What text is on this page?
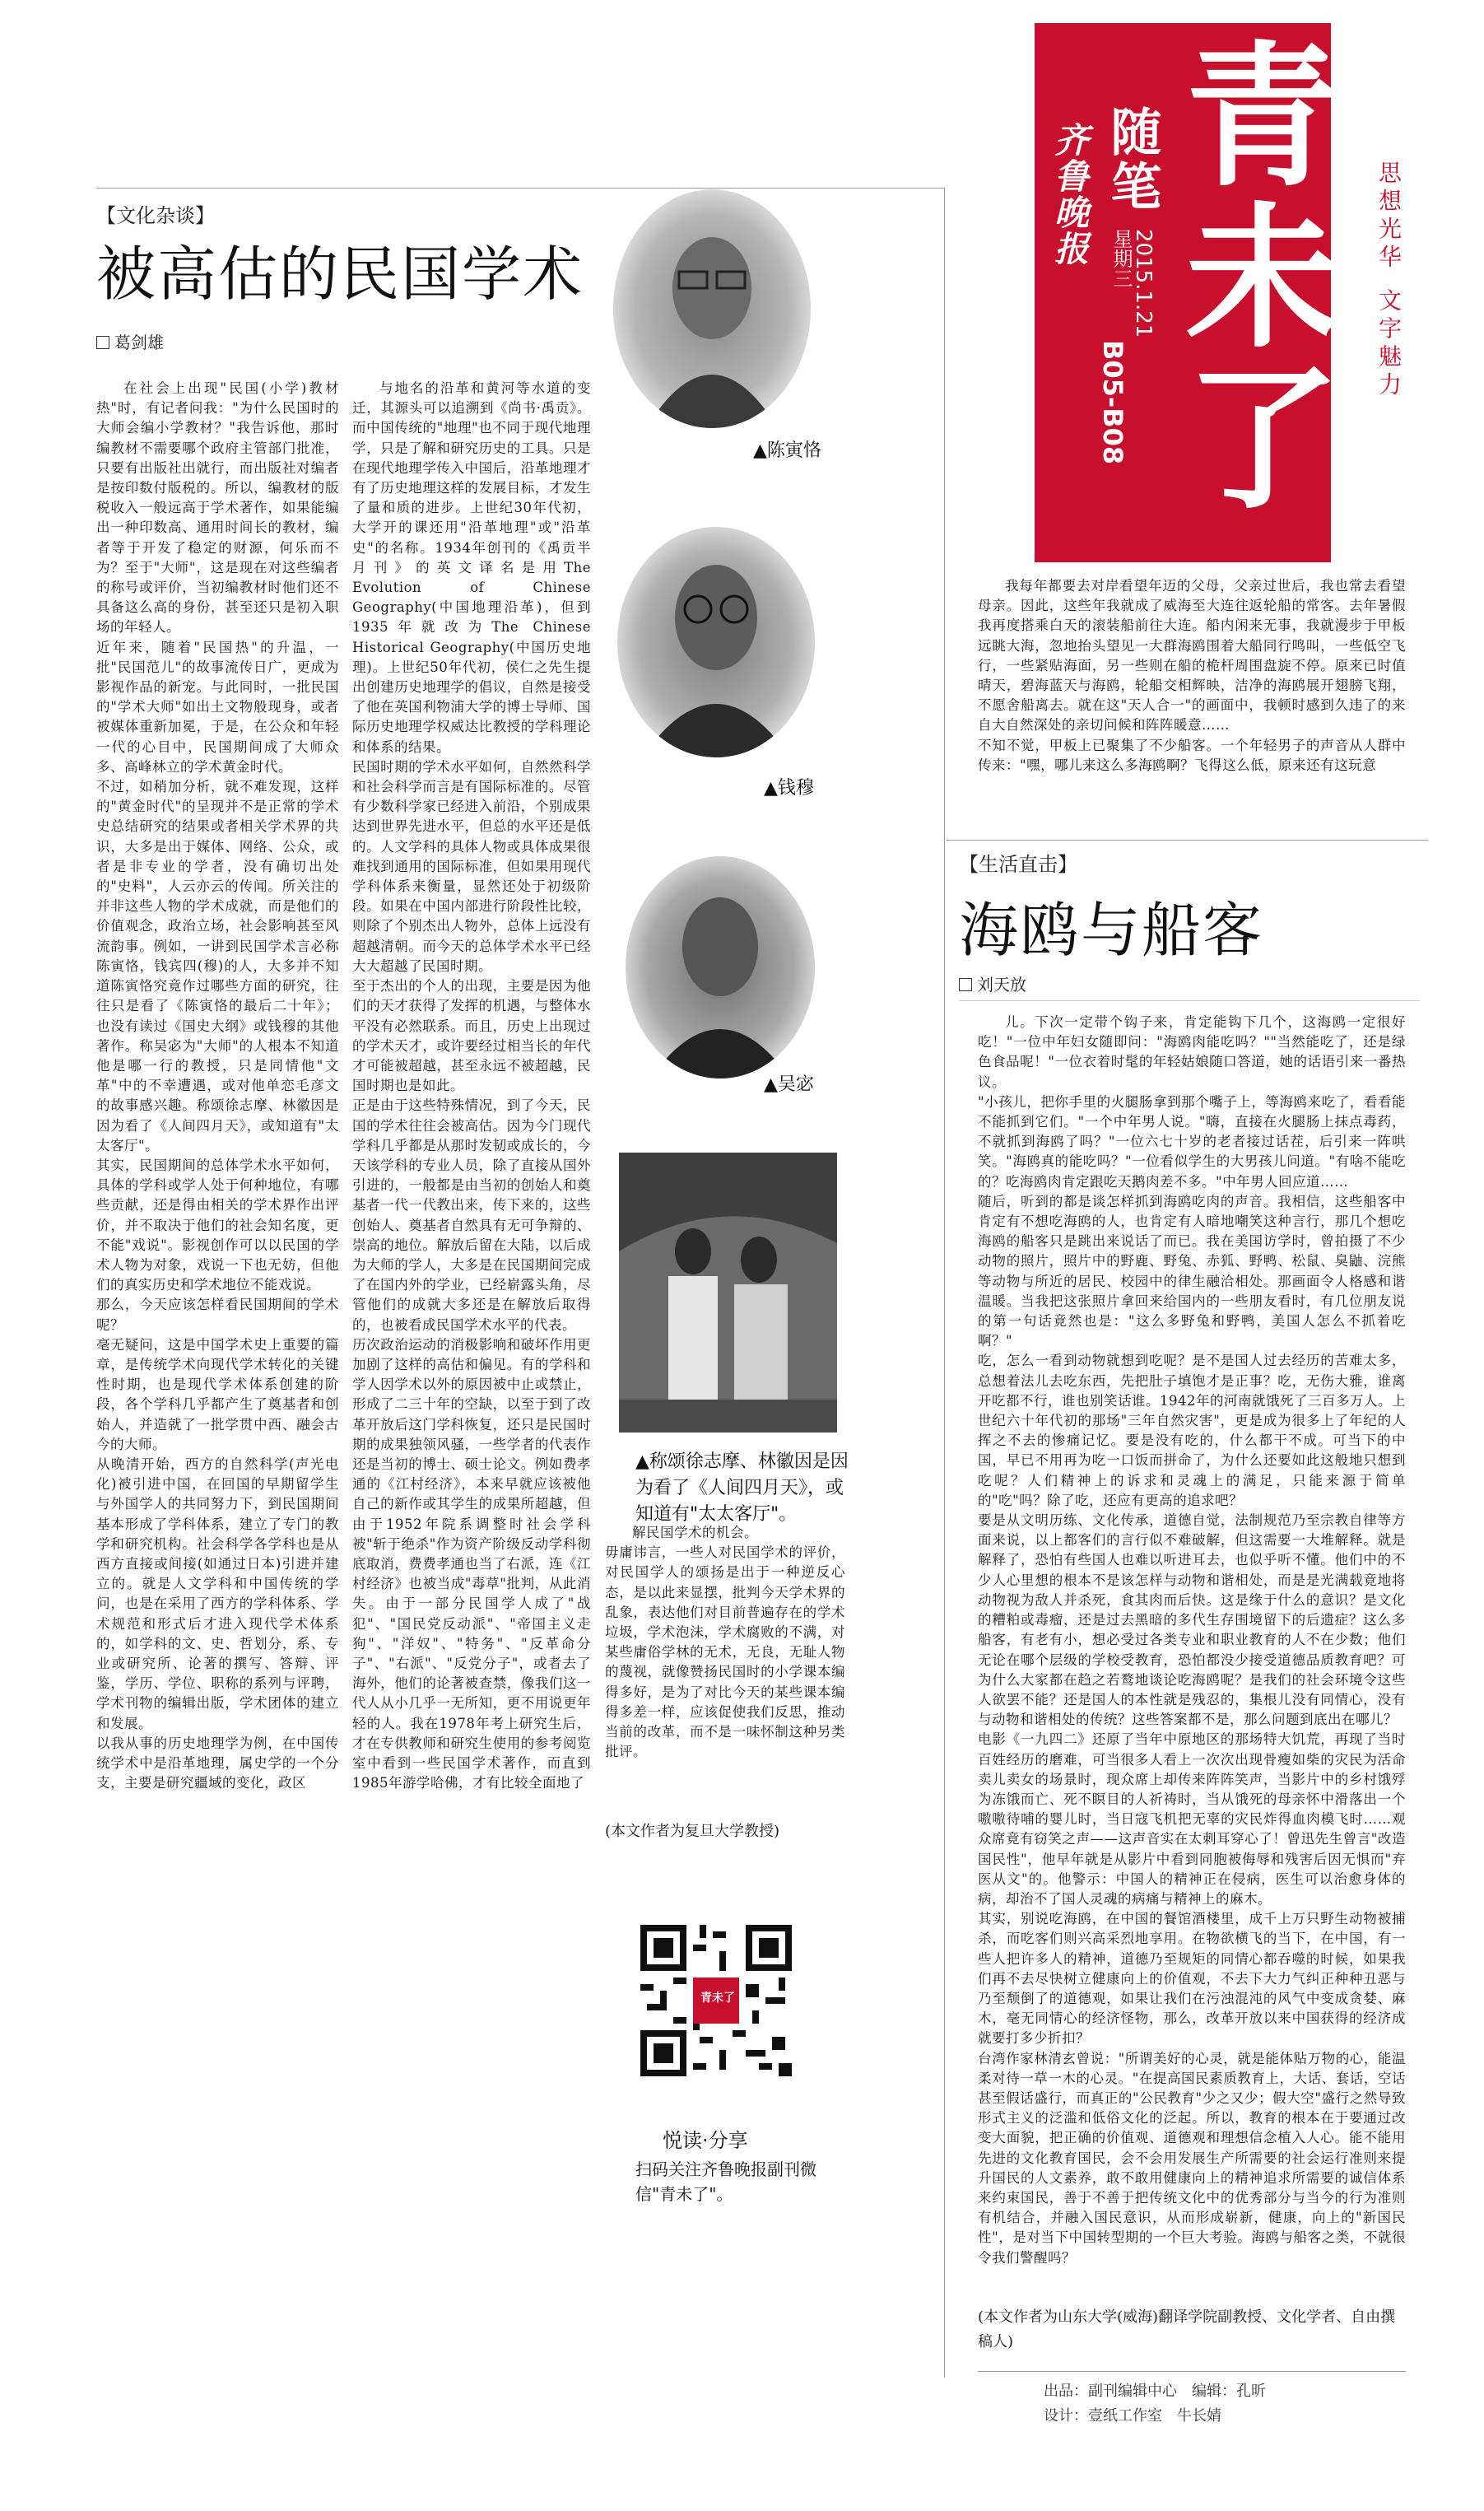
青未了
随笔
齐鲁晚报 星期三
2015.1.21
B05-B08
思想光华
文字魅力
【文化杂谈】
被高估的民国学术
葛剑雄
在社会上出现"民国(小学)教材热"时，有记者问我："为什么民国时的大师会编小学教材？"我告诉他，那时编教材不需要哪个政府主管部门批准，只要有出版社出就行，而出版社对编者是按印数付版税的。所以，编教材的版税收入一般远高于学术著作，如果能编出一种印数高、通用时间长的教材，编者等于开发了稳定的财源，何乐而不为？至于"大师"，这是现在对这些编者的称号或评价，当初编教材时他们还不具备这么高的身份，甚至还只是初入职场的年轻人。
近年来，随着"民国热"的升温，一批"民国范儿"的故事流传日广，更成为影视作品的新宠。与此同时，一批民国的"学术大师"如出土文物般现身，或者被媒体重新加冕，于是，在公众和年轻一代的心目中，民国期间成了大师众多、高峰林立的学术黄金时代。
不过，如稍加分析，就不难发现，这样的"黄金时代"的呈现并不是正常的学术史总结研究的结果或者相关学术界的共识，大多是出于媒体、网络、公众，或者是非专业的学者，没有确切出处的"史料"，人云亦云的传闻。所关注的并非这些人物的学术成就，而是他们的价值观念，政治立场，社会影响甚至风流韵事。例如，一讲到民国学术言必称陈寅恪，钱宾四(穆)的人，大多并不知道陈寅恪究竟作过哪些方面的研究，往往只是看了《陈寅恪的最后二十年》；也没有读过《国史大纲》或钱穆的其他著作。称吴宓为"大师"的人根本不知道他是哪一行的教授，只是同情他"文革"中的不幸遭遇，或对他单恋毛彦文的故事感兴趣。称颂徐志摩、林徽因是因为看了《人间四月天》，或知道有"太太客厅"。
其实，民国期间的总体学术水平如何，具体的学科或学人处于何种地位，有哪些贡献，还是得由相关的学术界作出评价，并不取决于他们的社会知名度，更不能"戏说"。影视创作可以以民国的学术人物为对象，戏说一下也无妨，但他们的真实历史和学术地位不能戏说。
那么，今天应该怎样看民国期间的学术呢？
毫无疑问，这是中国学术史上重要的篇章，是传统学术向现代学术转化的关键性时期，也是现代学术体系创建的阶段，各个学科几乎都产生了奠基者和创始人，并造就了一批学贯中西、融会古今的大师。
从晚清开始，西方的自然科学(声光电化)被引进中国，在回国的早期留学生与外国学人的共同努力下，到民国期间基本形成了学科体系，建立了专门的教学和研究机构。社会科学各学科也是从西方直接或间接(如通过日本)引进并建立的。就是人文学科和中国传统的学问，也是在采用了西方的学科体系、学术规范和形式后才进入现代学术体系的，如学科的文、史、哲划分，系、专业或研究所、论著的撰写、答辩、评鉴，学历、学位、职称的系列与评聘，学术刊物的编辑出版，学术团体的建立和发展。
以我从事的历史地理学为例，在中国传统学术中是沿革地理，属史学的一个分支，主要是研究疆域的变化，政区
与地名的沿革和黄河等水道的变迁，其源头可以追溯到《尚书·禹贡》。而中国传统的"地理"也不同于现代地理学，只是了解和研究历史的工具。只是在现代地理学传入中国后，沿革地理才有了历史地理这样的发展目标，才发生了量和质的进步。上世纪30年代初，大学开的课还用"沿革地理"或"沿革史"的名称。1934年创刊的《禹贡半月刊》的英文译名是用The Evolution of Chinese Geography(中国地理沿革)，但到1935年就改为The Chinese Historical Geography(中国历史地理)。上世纪50年代初，侯仁之先生提出创建历史地理学的倡议，自然是接受了他在英国利物浦大学的博士导师、国际历史地理学权威达比教授的学科理论和体系的结果。
民国时期的学术水平如何，自然然科学和社会科学而言是有国际标准的。尽管有少数科学家已经进入前沿，个别成果达到世界先进水平，但总的水平还是低的。人文学科的具体人物或具体成果很难找到通用的国际标准，但如果用现代学科体系来衡量，显然还处于初级阶段。如果在中国内部进行阶段性比较，则除了个别杰出人物外，总体上远没有超越清朝。而今天的总体学术水平已经大大超越了民国时期。
至于杰出的个人的出现，主要是因为他们的天才获得了发挥的机遇，与整体水平没有必然联系。而且，历史上出现过的学术天才，或许要经过相当长的年代才可能被超越，甚至永远不被超越，民国时期也是如此。
正是由于这些特殊情况，到了今天，民国的学术往往会被高估。因为今门现代学科几乎都是从那时发韧或成长的，今天该学科的专业人员，除了直接从国外引进的，一般都是由当初的创始人和奠基者一代一代教出来，传下来的，这些创始人、奠基者自然具有无可争辩的、崇高的地位。解放后留在大陆，以后成为大师的学人，大多是在民国期间完成了在国内外的学业，已经崭露头角，尽管他们的成就大多还是在解放后取得的，也被看成民国学术水平的代表。
历次政治运动的消极影响和破坏作用更加剧了这样的高估和偏见。有的学科和学人因学术以外的原因被中止或禁止，形成了二三十年的空缺，以至于到了改革开放后这门学科恢复，还只是民国时期的成果独领风骚，一些学者的代表作还是当初的博士、硕士论文。例如费孝通的《江村经济》，本来早就应该被他自己的新作或其学生的成果所超越，但由于1952年院系调整时社会学科被"斩于绝杀"作为资产阶级反动学科彻底取消，费费孝通也当了右派，连《江村经济》也被当成"毒草"批判，从此消失。由于一部分民国学人成了"战犯"、"国民党反动派"、"帝国主义走狗"、"洋奴"、"特务"、"反革命分子"、"右派"、"反党分子"，或者去了海外，他们的论著被查禁，像我们这一代人从小几乎一无所知，更不用说更年轻的人。我在1978年考上研究生后，才在专供教师和研究生使用的参考阅览室中看到一些民国学术著作，而直到1985年游学哈佛，才有比较全面地了
解民国学术的机会。
毋庸讳言，一些人对民国学术的评价，对民国学人的颂扬是出于一种逆反心态，是以此来显摆，批判今天学术界的乱象，表达他们对目前普遍存在的学术垃圾，学术泡沫，学术腐败的不满，对某些庸俗学林的无术，无良，无耻人物的蔑视，就像赞扬民国时的小学课本编得多好，是为了对比今天的某些课本编得多差一样，应该促使我们反思，推动当前的改革，而不是一味怀制这种另类批评。
(本文作者为复旦大学教授)
▲陈寅恪
▲钱穆
▲吴宓
▲称颂徐志摩、林徽因是因为看了《人间四月天》，或知道有"太太客厅"。
青未了
悦读·分享
扫码关注齐鲁晚报副刊微信"青未了"。
我每年都要去对岸看望年迈的父母，父亲过世后，我也常去看望母亲。因此，这些年我就成了威海至大连往返轮船的常客。去年暑假我再度搭乘白天的滚装船前往大连。船内闲来无事，我就漫步于甲板远眺大海，忽地抬头望见一大群海鸥围着大船同行鸣叫，一些低空飞行，一些紧贴海面，另一些则在船的桅杆周围盘旋不停。原来已时值晴天，碧海蓝天与海鸥，轮船交相辉映，洁净的海鸥展开翅膀飞翔，不愿舍船离去。就在这"天人合一"的画面中，我顿时感到久违了的来自大自然深处的亲切问候和阵阵暖意……
不知不觉，甲板上已聚集了不少船客。一个年轻男子的声音从人群中传来："嘿，哪儿来这么多海鸥啊？飞得这么低，原来还有这玩意
【生活直击】
海鸥与船客
刘天放
儿。下次一定带个钩子来，肯定能钩下几个，这海鸥一定很好吃！"一位中年妇女随即问："海鸥肉能吃吗？""当然能吃了，还是绿色食品呢！"一位衣着时髦的年轻姑娘随口答道，她的话语引来一番热议。
"小孩儿，把你手里的火腿肠拿到那个嘴子上，等海鸥来吃了，看看能不能抓到它们。"一个中年男人说。"嗨，直接在火腿肠上抹点毒药，不就抓到海鸥了吗？"一位六七十岁的老者接过话茬，后引来一阵哄笑。"海鸥真的能吃吗？"一位看似学生的大男孩儿问道。"有啥不能吃的？吃海鸥肉肯定跟吃天鹅肉差不多。"中年男人回应道……
随后，听到的都是谈怎样抓到海鸥吃肉的声音。我相信，这些船客中肯定有不想吃海鸥的人，也肯定有人暗地嘲笑这种言行，那几个想吃海鸥的船客只是跳出来说话了而已。我在美国访学时，曾拍摄了不少动物的照片，照片中的野鹿、野兔、赤狐、野鸭、松鼠、臭鼬、浣熊等动物与所近的居民、校园中的律生融洽相处。那画面令人格感和谐温暖。当我把这张照片拿回来给国内的一些朋友看时，有几位朋友说的第一句话竟然也是："这么多野兔和野鸭，美国人怎么不抓着吃啊？"
吃，怎么一看到动物就想到吃呢？是不是国人过去经历的苦难太多，总想着法儿去吃东西，先把肚子填饱才是正事？吃，无伤大雅，谁离开吃都不行，谁也别笑话谁。1942年的河南就饿死了三百多万人。上世纪六十年代初的那场"三年自然灾害"，更是成为很多上了年纪的人挥之不去的惨痛记忆。要是没有吃的，什么都干不成。可当下的中国，早已不用再为吃一口饭而拼命了，为什么还要如此这般地只想到吃呢？人们精神上的诉求和灵魂上的满足，只能来源于简单的"吃"吗？除了吃，还应有更高的追求吧？
要是从文明历练、文化传承，道德自觉，法制规范乃至宗教自律等方面来说，以上都客们的言行似不难破解，但这需要一大堆解释。就是解释了，恐怕有些国人也难以听进耳去，也似乎听不懂。他们中的不少人心里想的根本不是该怎样与动物和谐相处，而是是光满载竟地将动物视为敌人并杀死，食其肉而后快。这是缘于什么的意识？是文化的糟粕或毒瘤，还是过去黑暗的多代生存围境留下的后遗症？这么多船客，有老有小，想必受过各类专业和职业教育的人不在少数；他们无论在哪个层级的学校受教育，恐怕都没少接受道德品质教育吧？可为什么大家都在趋之若鹜地谈论吃海鸥呢？是我们的社会环境令这些人欲罢不能？还是国人的本性就是残忍的，集根儿没有同情心，没有与动物和谐相处的传统？这些答案都不是，那么问题到底出在哪儿？
电影《一九四二》还原了当年中原地区的那场特大饥荒，再现了当时百姓经历的磨难，可当很多人看上一次次出现骨瘦如柴的灾民为活命卖儿卖女的场景时，现众席上却传来阵阵笑声，当影片中的乡村饿殍为冻饿而亡、死不瞑目的人祈祷时，当从饿死的母亲怀中滑落出一个嗷嗷待哺的婴儿时，当日寇飞机把无辜的灾民炸得血肉模飞时……观众席竟有窃笑之声——这声音实在太刺耳穿心了！曾迅先生曾言"改造国民性"，他早年就是从影片中看到同胞被侮辱和残害后因无惧而"弃医从文"的。他警示：中国人的精神正在侵病，医生可以治愈身体的病，却治不了国人灵魂的病痛与精神上的麻木。
其实，别说吃海鸥，在中国的餐馆酒楼里，成千上万只野生动物被捕杀，而吃客们则兴高采烈地享用。在物欲横飞的当下，在中国，有一些人把许多人的精神，道德乃至规矩的同情心都吞噬的时候，如果我们再不去尽快树立健康向上的价值观，不去下大力气纠正种种丑恶与乃至颓倒了的道德观，如果让我们在污浊混沌的风气中变成贪婪、麻木，毫无同情心的经济怪物，那么，改革开放以来中国获得的经济成就要打多少折扣？
台湾作家林清玄曾说："所谓美好的心灵，就是能体贴万物的心，能温柔对待一草一木的心灵。"在提高国民素质教育上，大话、套话，空话甚至假话盛行，而真正的"公民教育"少之又少；假大空"盛行之然导致形式主义的泛滥和低俗文化的泛起。所以，教育的根本在于要通过改变大面貌，把正确的价值观、道德观和理想信念植入人心。能不能用先进的文化教育国民，会不会用发展生产所需要的社会运行准则来提升国民的人文素养，敢不敢用健康向上的精神追求所需要的诚信体系来约束国民，善于不善于把传统文化中的优秀部分与当今的行为准则有机结合，并融入国民意识，从而形成崭新，健康，向上的"新国民性"，是对当下中国转型期的一个巨大考验。海鸥与船客之类，不就很令我们警醒吗？
(本文作者为山东大学(威海)翻译学院副教授、文化学者、自由撰稿人)
出品：副刊编辑中心　编辑：孔昕
设计：壹纸工作室　牛长婧
